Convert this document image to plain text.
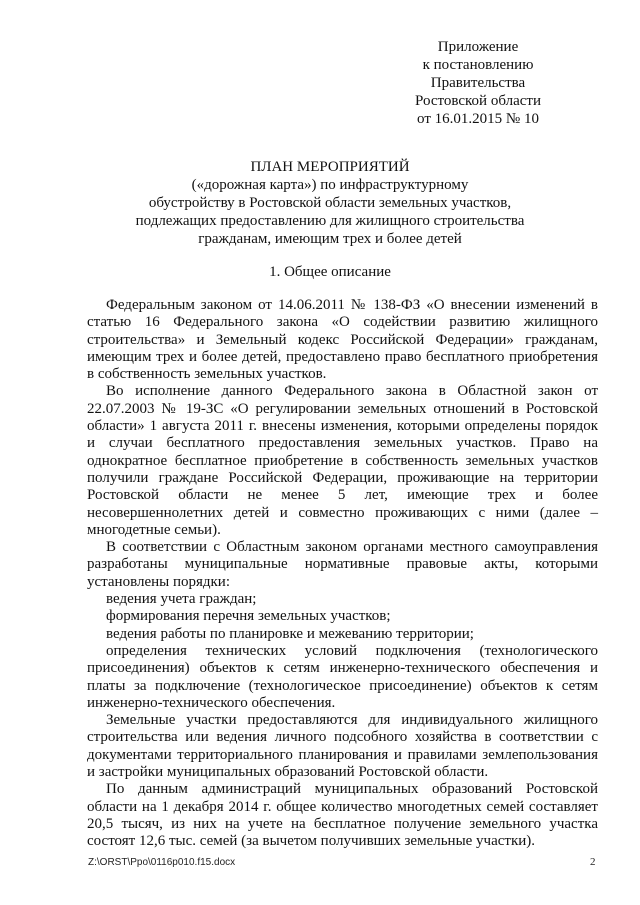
Приложение
к постановлению
Правительства
Ростовской области
от 16.01.2015 № 10
ПЛАН МЕРОПРИЯТИЙ
(«дорожная карта») по инфраструктурному
обустройству в Ростовской области земельных участков,
подлежащих предоставлению для жилищного строительства
гражданам, имеющим трех и более детей
1. Общее описание

Федеральным законом от 14.06.2011 № 138-ФЗ «О внесении изменений в статью 16 Федерального закона «О содействии развитию жилищного строительства» и Земельный кодекс Российской Федерации» гражданам, имеющим трех и более детей, предоставлено право бесплатного приобретения в собственность земельных участков.

Во исполнение данного Федерального закона в Областной закон от 22.07.2003 № 19-ЗС «О регулировании земельных отношений в Ростовской области» 1 августа 2011 г. внесены изменения, которыми определены порядок и случаи бесплатного предоставления земельных участков. Право на однократное бесплатное приобретение в собственность земельных участков получили граждане Российской Федерации, проживающие на территории Ростовской области не менее 5 лет, имеющие трех и более несовершеннолетних детей и совместно проживающих с ними (далее – многодетные семьи).

В соответствии с Областным законом органами местного самоуправления разработаны муниципальные нормативные правовые акты, которыми установлены порядки:

ведения учета граждан;

формирования перечня земельных участков;

ведения работы по планировке и межеванию территории;

определения технических условий подключения (технологического присоединения) объектов к сетям инженерно-технического обеспечения и платы за подключение (технологическое присоединение) объектов к сетям инженерно-технического обеспечения.

Земельные участки предоставляются для индивидуального жилищного строительства или ведения личного подсобного хозяйства в соответствии с документами территориального планирования и правилами землепользования и застройки муниципальных образований Ростовской области.

По данным администраций муниципальных образований Ростовской области на 1 декабря 2014 г. общее количество многодетных семей составляет 20,5 тысяч, из них на учете на бесплатное получение земельного участка состоят 12,6 тыс. семей (за вычетом получивших земельные участки).

Z:\ORST\Ppo\0116p010.f15.docx	2
